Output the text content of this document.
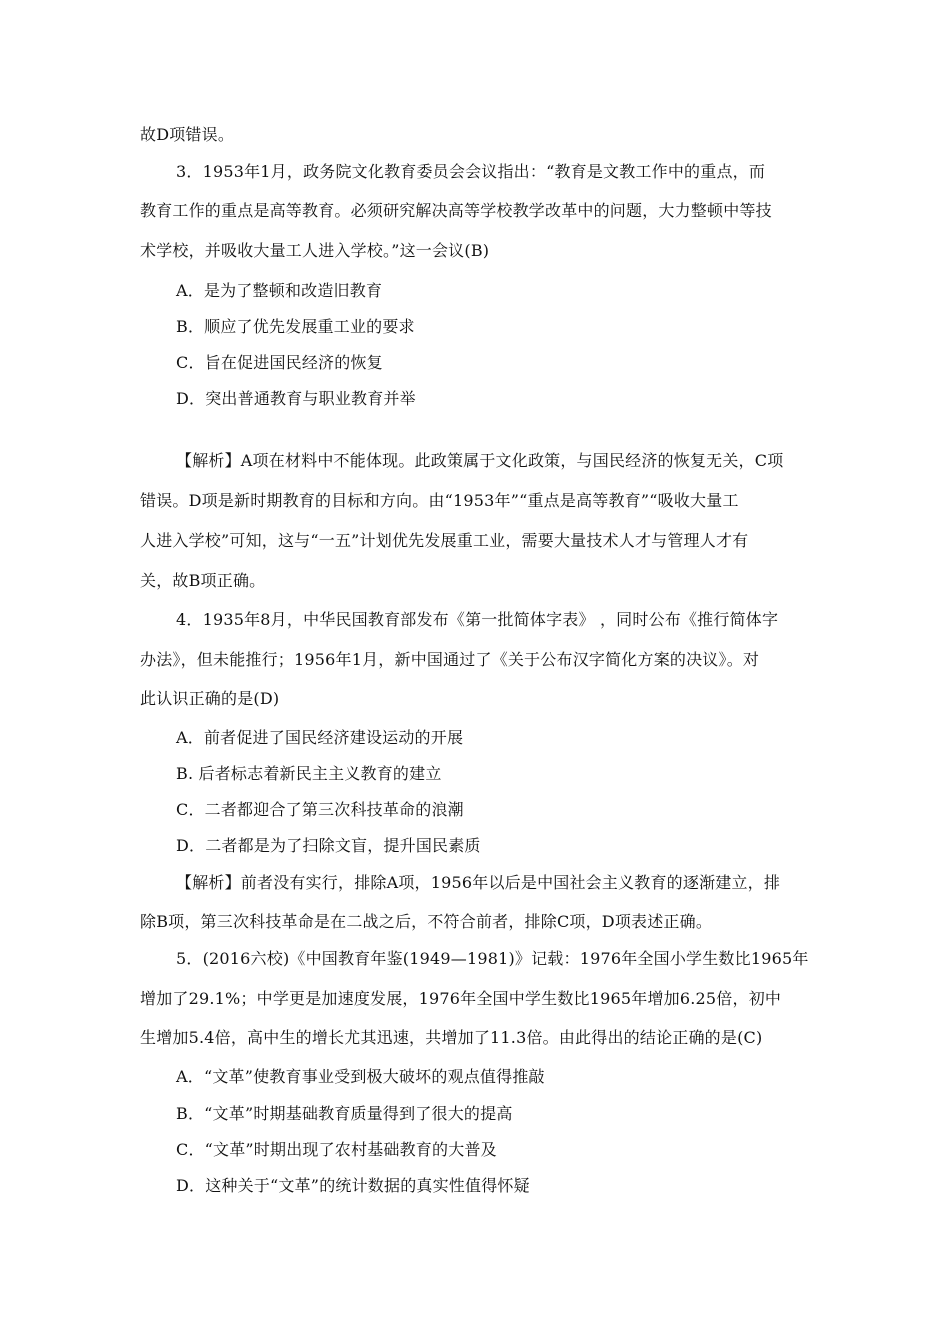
故D项错误。
3．1953年1月，政务院文化教育委员会会议指出：“教育是文教工作中的重点，而
教育工作的重点是高等教育。必须研究解决高等学校教学改革中的问题，大力整顿中等技
术学校，并吸收大量工人进入学校。”这一会议(B)
A．是为了整顿和改造旧教育
B．顺应了优先发展重工业的要求
C．旨在促进国民经济的恢复
D．突出普通教育与职业教育并举
【解析】A项在材料中不能体现。此政策属于文化政策，与国民经济的恢复无关，C项
错误。D项是新时期教育的目标和方向。由“1953年”“重点是高等教育”“吸收大量工
人进入学校”可知，这与“一五”计划优先发展重工业，需要大量技术人才与管理人才有
关，故B项正确。
4．1935年8月，中华民国教育部发布《第一批简体字表》 ，同时公布《推行简体字
办法》，但未能推行；1956年1月，新中国通过了《关于公布汉字简化方案的决议》。对
此认识正确的是(D)
A．前者促进了国民经济建设运动的开展
B. 后者标志着新民主主义教育的建立
C．二者都迎合了第三次科技革命的浪潮
D．二者都是为了扫除文盲，提升国民素质
【解析】前者没有实行，排除A项，1956年以后是中国社会主义教育的逐渐建立，排
除B项，第三次科技革命是在二战之后，不符合前者，排除C项，D项表述正确。
5．(2016六校)《中国教育年鉴(1949—1981)》记载：1976年全国小学生数比1965年
增加了29.1%；中学更是加速度发展，1976年全国中学生数比1965年增加6.25倍，初中
生增加5.4倍，高中生的增长尤其迅速，共增加了11.3倍。由此得出的结论正确的是(C)
A．“文革”使教育事业受到极大破坏的观点值得推敲
B．“文革”时期基础教育质量得到了很大的提高
C．“文革”时期出现了农村基础教育的大普及
D．这种关于“文革”的统计数据的真实性值得怀疑
